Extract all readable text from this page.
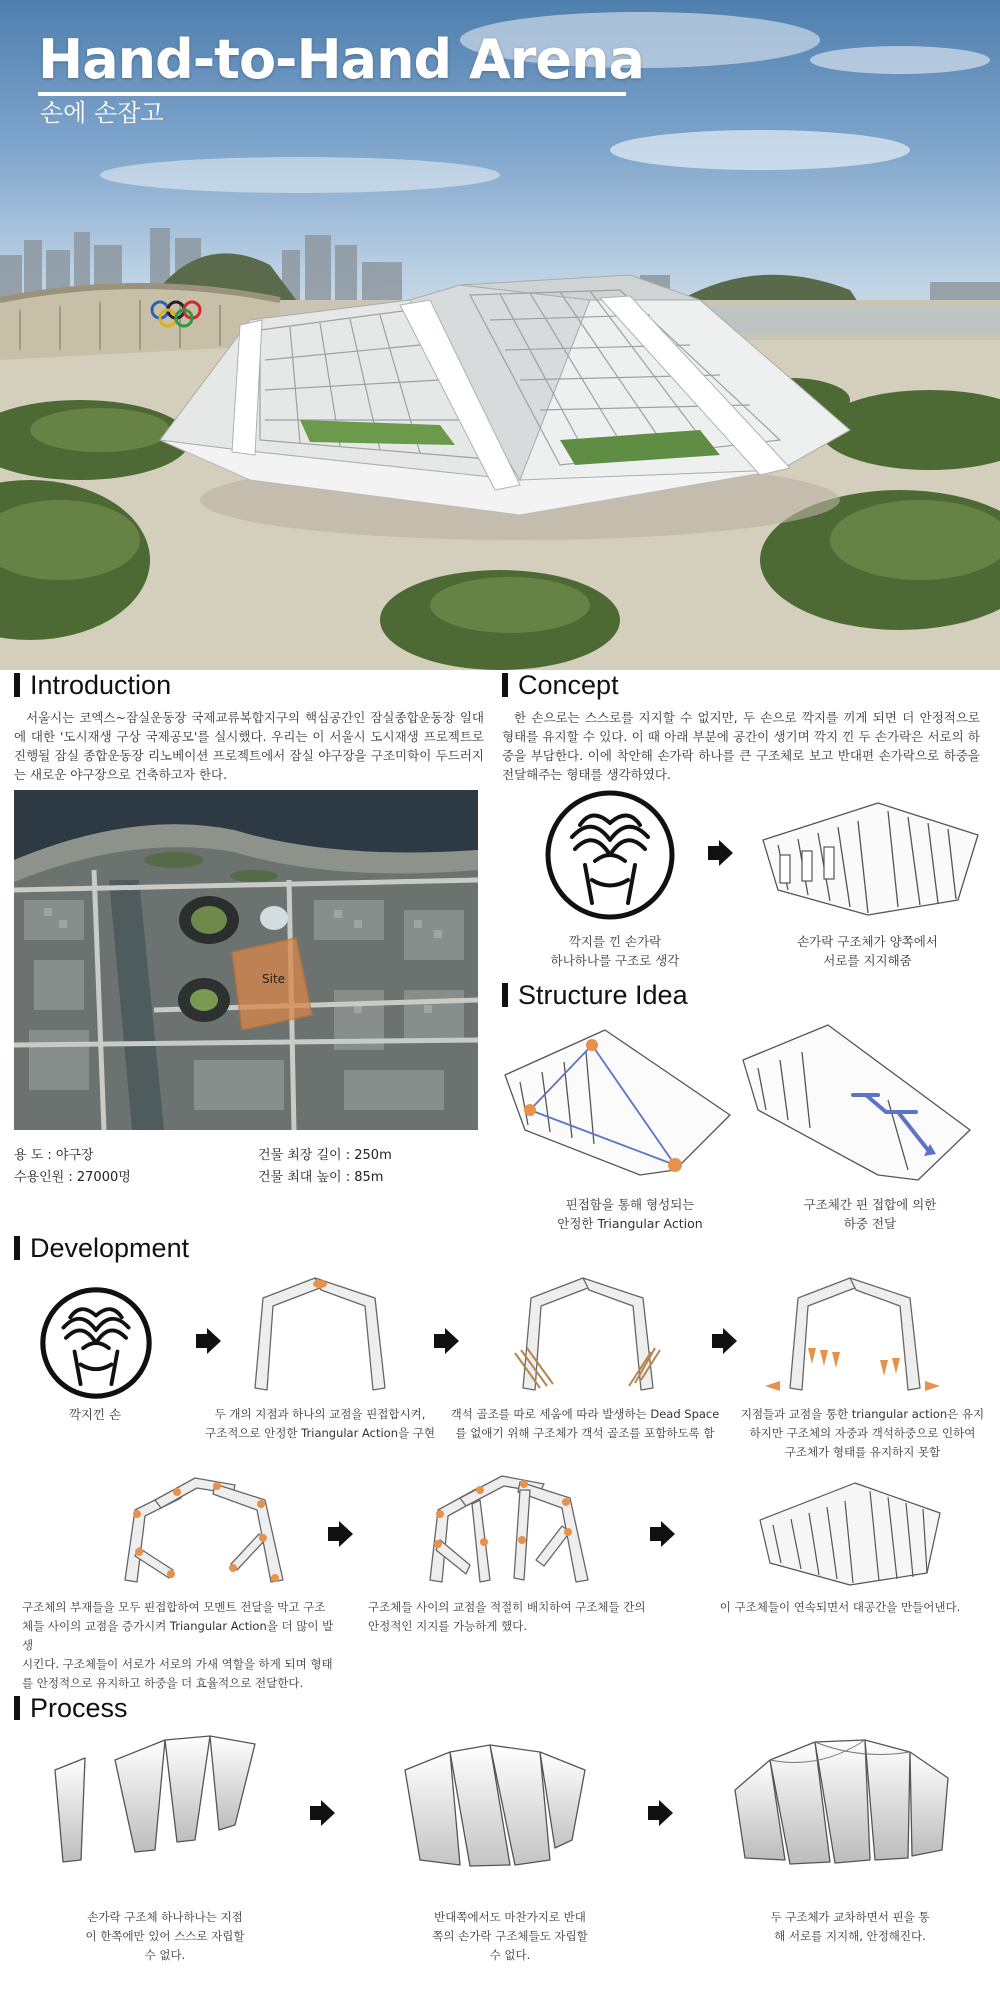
Hand-to-Hand Arena
손에 손잡고
Introduction
서울시는 코엑스~잠실운동장 국제교류복합지구의 핵심공간인 잠실종합운동장 일대에 대한 '도시재생 구상 국제공모'를 실시했다. 우리는 이 서울시 도시재생 프로젝트로 진행될 잠실 종합운동장 리노베이션 프로젝트에서 잠실 야구장을 구조미학이 두드러지는 새로운 야구장으로 건축하고자 한다.
Site
용 도 : 야구장
수용인원 : 27000명
건물 최장 길이 : 250m
건물 최대 높이 : 85m
Concept
한 손으로는 스스로를 지지할 수 없지만, 두 손으로 깍지를 끼게 되면 더 안정적으로 형태를 유지할 수 있다. 이 때 아래 부분에 공간이 생기며 깍지 낀 두 손가락은 서로의 하중을 부담한다. 이에 착안해 손가락 하나를 큰 구조체로 보고 반대편 손가락으로 하중을 전달해주는 형태를 생각하였다.
깍지를 낀 손가락
하나하나를 구조로 생각
손가락 구조체가 양쪽에서
서로를 지지해줌
Structure Idea
핀접함을 통해 형성되는
안정한 Triangular Action
구조체간 핀 접합에 의한
하중 전달
Development
깍지낀 손	두 개의 지점과 하나의 교점을 핀접합시켜,
구조적으로 안정한 Triangular Action을 구현
객석 골조를 따로 세움에 따라 발생하는 Dead Space
를 없애기 위해 구조체가 객석 골조를 포함하도록 함
지점들과 교점을 통한 triangular action은 유지
하지만 구조체의 자중과 객석하중으로 인하여
구조체가 형태를 유지하지 못함
구조체의 부재들을 모두 핀접합하여 모멘트 전달을 막고 구조
체들 사이의 교점을 증가시켜 Triangular Action을 더 많이 발생
시킨다. 구조체들이 서로가 서로의 가새 역할을 하게 되며 형태
를 안정적으로 유지하고 하중을 더 효율적으로 전달한다.
구조체들 사이의 교점을 적절히 배치하여 구조체들 간의
안정적인 지지를 가능하게 했다.
이 구조체들이 연속되면서 대공간을 만들어낸다.
Process
손가락 구조체 하나하나는 지점
이 한쪽에만 있어 스스로 자립할
수 없다.
반대쪽에서도 마찬가지로 반대
쪽의 손가락 구조체들도 자립할
수 없다.
두 구조체가 교차하면서 핀을 통
해 서로를 지지해, 안정해진다.
